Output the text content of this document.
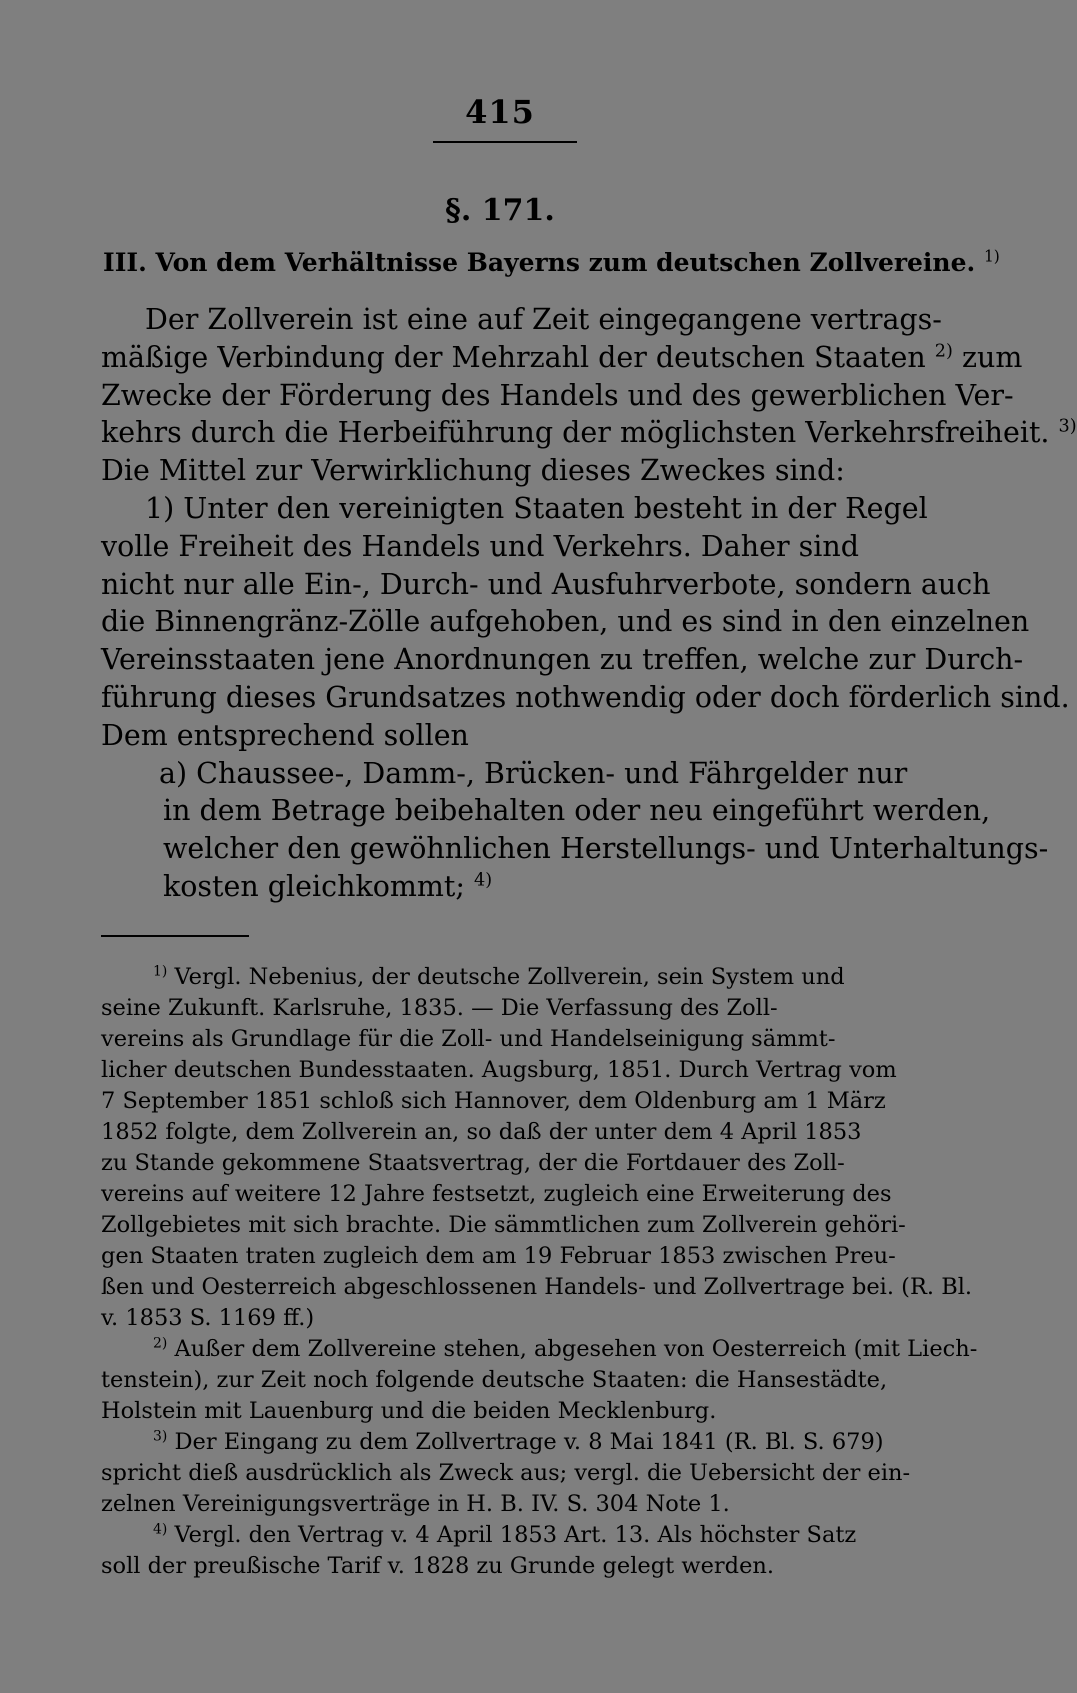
415
§. 171.
III. Von dem Verhältnisse Bayerns zum deutschen Zollvereine. $^{1)}$
Der Zollverein ist eine auf Zeit eingegangene vertrags-
mäßige Verbindung der Mehrzahl der deutschen Staaten $^{2)}$ zum
Zwecke der Förderung des Handels und des gewerblichen Ver-
kehrs durch die Herbeiführung der möglichsten Verkehrsfreiheit. $^{3)}$
Die Mittel zur Verwirklichung dieses Zweckes sind:
1) Unter den vereinigten Staaten besteht in der Regel
volle Freiheit des Handels und Verkehrs. Daher sind
nicht nur alle Ein-, Durch- und Ausfuhrverbote, sondern auch
die Binnengränz-Zölle aufgehoben, und es sind in den einzelnen
Vereinsstaaten jene Anordnungen zu treffen, welche zur Durch-
führung dieses Grundsatzes nothwendig oder doch förderlich sind.
Dem entsprechend sollen
a) Chaussee-, Damm-, Brücken- und Fährgelder nur
in dem Betrage beibehalten oder neu eingeführt werden,
welcher den gewöhnlichen Herstellungs- und Unterhaltungs-
kosten gleichkommt; $^{4)}$
$^{1)}$ Vergl. Nebenius, der deutsche Zollverein, sein System und
seine Zukunft. Karlsruhe, 1835. — Die Verfassung des Zoll-
vereins als Grundlage für die Zoll- und Handelseinigung sämmt-
licher deutschen Bundesstaaten. Augsburg, 1851. Durch Vertrag vom
7 September 1851 schloß sich Hannover, dem Oldenburg am 1 März
1852 folgte, dem Zollverein an, so daß der unter dem 4 April 1853
zu Stande gekommene Staatsvertrag, der die Fortdauer des Zoll-
vereins auf weitere 12 Jahre festsetzt, zugleich eine Erweiterung des
Zollgebietes mit sich brachte. Die sämmtlichen zum Zollverein gehöri-
gen Staaten traten zugleich dem am 19 Februar 1853 zwischen Preu-
ßen und Oesterreich abgeschlossenen Handels- und Zollvertrage bei. (R. Bl.
v. 1853 S. 1169 ff.)
$^{2)}$ Außer dem Zollvereine stehen, abgesehen von Oesterreich (mit Liech-
tenstein), zur Zeit noch folgende deutsche Staaten: die Hansestädte,
Holstein mit Lauenburg und die beiden Mecklenburg.
$^{3)}$ Der Eingang zu dem Zollvertrage v. 8 Mai 1841 (R. Bl. S. 679)
spricht dieß ausdrücklich als Zweck aus; vergl. die Uebersicht der ein-
zelnen Vereinigungsverträge in H. B. IV. S. 304 Note 1.
$^{4)}$ Vergl. den Vertrag v. 4 April 1853 Art. 13. Als höchster Satz
soll der preußische Tarif v. 1828 zu Grunde gelegt werden.
